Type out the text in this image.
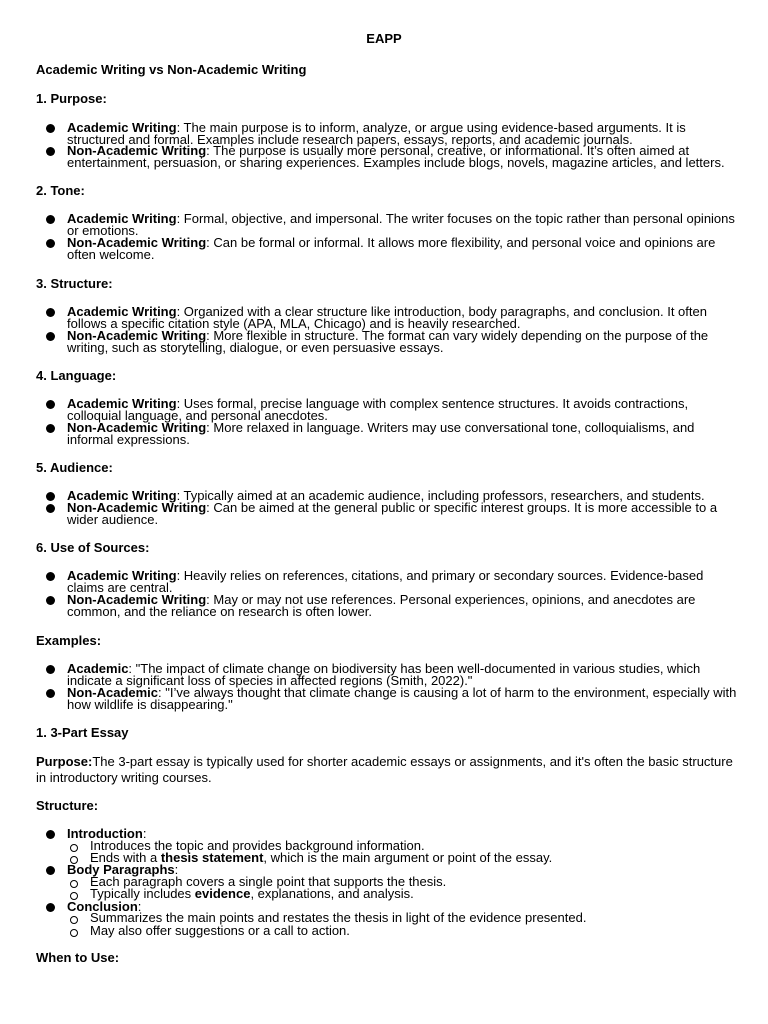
EAPP
Academic Writing vs Non-Academic Writing
1. Purpose:
Academic Writing: The main purpose is to inform, analyze, or argue using evidence-based arguments. It is structured and formal. Examples include research papers, essays, reports, and academic journals.
Non-Academic Writing: The purpose is usually more personal, creative, or informational. It’s often aimed at entertainment, persuasion, or sharing experiences. Examples include blogs, novels, magazine articles, and letters.
2. Tone:
Academic Writing: Formal, objective, and impersonal. The writer focuses on the topic rather than personal opinions or emotions.
Non-Academic Writing: Can be formal or informal. It allows more flexibility, and personal voice and opinions are often welcome.
3. Structure:
Academic Writing: Organized with a clear structure like introduction, body paragraphs, and conclusion. It often follows a specific citation style (APA, MLA, Chicago) and is heavily researched.
Non-Academic Writing: More flexible in structure. The format can vary widely depending on the purpose of the writing, such as storytelling, dialogue, or even persuasive essays.
4. Language:
Academic Writing: Uses formal, precise language with complex sentence structures. It avoids contractions, colloquial language, and personal anecdotes.
Non-Academic Writing: More relaxed in language. Writers may use conversational tone, colloquialisms, and informal expressions.
5. Audience:
Academic Writing: Typically aimed at an academic audience, including professors, researchers, and students.
Non-Academic Writing: Can be aimed at the general public or specific interest groups. It is more accessible to a wider audience.
6. Use of Sources:
Academic Writing: Heavily relies on references, citations, and primary or secondary sources. Evidence-based claims are central.
Non-Academic Writing: May or may not use references. Personal experiences, opinions, and anecdotes are common, and the reliance on research is often lower.
Examples:
Academic: "The impact of climate change on biodiversity has been well-documented in various studies, which indicate a significant loss of species in affected regions (Smith, 2022)."
Non-Academic: "I’ve always thought that climate change is causing a lot of harm to the environment, especially with how wildlife is disappearing."
1. 3-Part Essay
Purpose:The 3-part essay is typically used for shorter academic essays or assignments, and it's often the basic structure in introductory writing courses.
Structure:
Introduction:
Introduces the topic and provides background information.
Ends with a thesis statement, which is the main argument or point of the essay.
Body Paragraphs:
Each paragraph covers a single point that supports the thesis.
Typically includes evidence, explanations, and analysis.
Conclusion:
Summarizes the main points and restates the thesis in light of the evidence presented.
May also offer suggestions or a call to action.
When to Use:
